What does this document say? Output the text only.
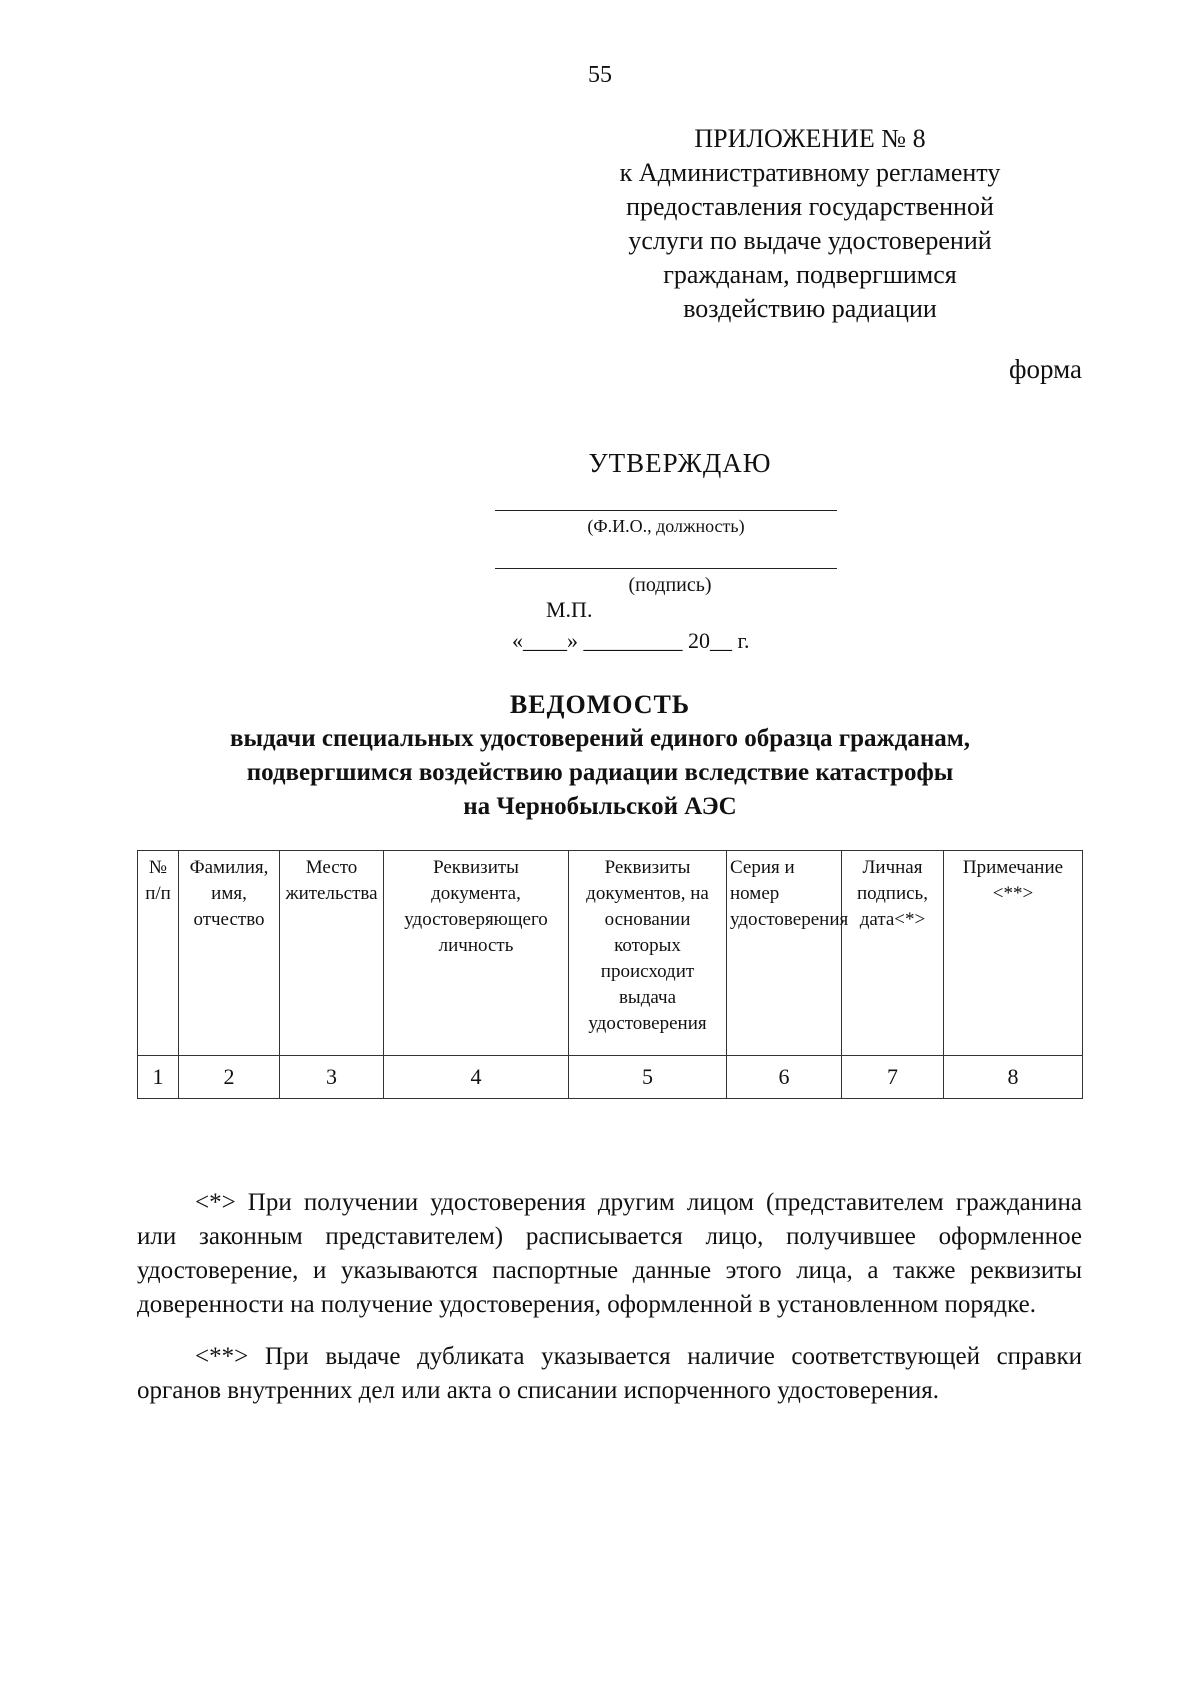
55
ПРИЛОЖЕНИЕ № 8
к Административному регламенту
предоставления государственной
услуги по выдаче удостоверений
гражданам, подвергшимся
воздействию радиации
форма
УТВЕРЖДАЮ
(Ф.И.О., должность)
(подпись)
М.П.
«____» _________ 20__ г.
ВЕДОМОСТЬ
выдачи специальных удостоверений единого образца гражданам,
подвергшимся воздействию радиации вследствие катастрофы
на Чернобыльской АЭС
№ п/п	Фамилия, имя, отчество	Место жительства	Реквизиты документа, удостоверяющего личность	Реквизиты документов, на основании которых происходит выдача удостоверения	Серия и номер удостоверения	Личная подпись, дата<*>	Примечание <**>
1	2	3	4	5	6	7	8

<*> При получении удостоверения другим лицом (представителем гражданина или законным представителем) расписывается лицо, получившее оформленное удостоверение, и указываются паспортные данные этого лица, а также реквизиты доверенности на получение удостоверения, оформленной в установленном порядке.

<**> При выдаче дубликата указывается наличие соответствующей справки органов внутренних дел или акта о списании испорченного удостоверения.
